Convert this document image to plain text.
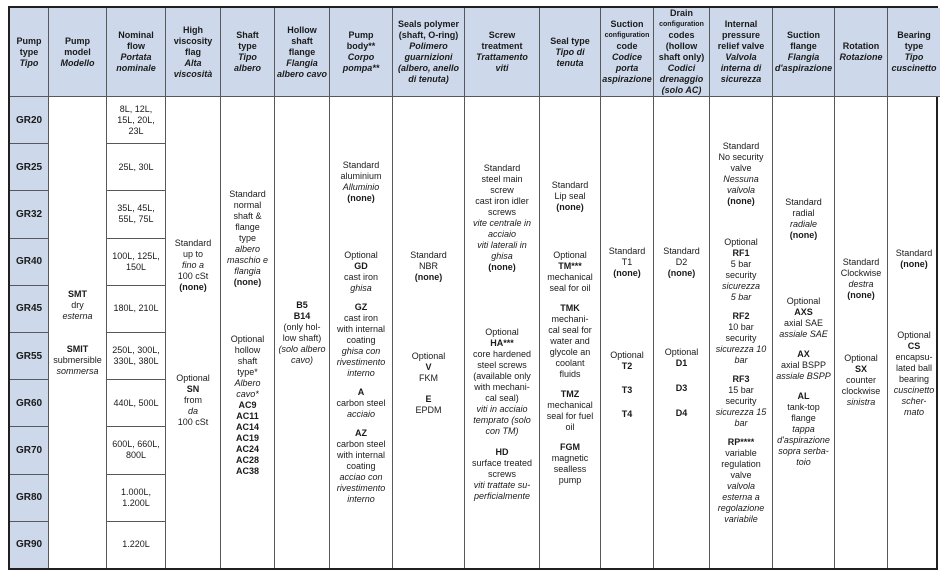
Pump
type
Tipo
Pump
model
Modello
Nominal
flow
Portata
nominale
High
viscosity
flag
Alta
viscosità
Shaft
type
Tipo
albero
Hollow
shaft
flange
Flangia
albero cavo
Pump
body**
Corpo
pompa**
Seals polymer
(shaft, O-ring)
Polimero
guarnizioni
(albero, anello
di tenuta)
Screw
treatment
Trattamento
viti
Seal type
Tipo di
tenuta
Suction
configuration
code
Codice
porta
aspirazione
Drain
configuration
codes
(hollow
shaft only)
Codici
drenaggio
(solo AC)
Internal
pressure
relief valve
Valvola
interna di
sicurezza
Suction
flange
Flangia
d'aspirazione
Rotation
Rotazione
Bearing
type
Tipo
cuscinetto
GR20
GR25
GR32
GR40
GR45
GR55
GR60
GR70
GR80
GR90
SMT
dry
esterna
SMIT
submersible
sommersa
8L, 12L,
15L, 20L,
23L
25L, 30L
35L, 45L,
55L, 75L
100L, 125L,
150L
180L, 210L
250L, 300L,
330L, 380L
440L, 500L
600L, 660L,
800L
1.000L,
1.200L
1.220L
Standard
up to
fino a
100 cSt
(none)
Optional
SN
from
da
100 cSt
Standard
normal
shaft &
flange
type
albero
maschio e
flangia
(none)
Optional
hollow
shaft
type*
Albero
cavo*
AC9
AC11
AC14
AC19
AC24
AC28
AC38
B5
B14
(only hol-
low shaft)
(solo albero
cavo)
Standard
aluminium
Alluminio
(none)
Optional
GD
cast iron
ghisa
GZ
cast iron
with internal
coating
ghisa con
rivestimento
interno
A
carbon steel
acciaio
AZ
carbon steel
with internal
coating
acciao con
rivestimento
interno
Standard
NBR
(none)
Optional
V
FKM
E
EPDM
Standard
steel main
screw
cast iron idler
screws
vite centrale in
acciaio
viti laterali in
ghisa
(none)
Optional
HA***
core hardened
steel screws
(available only
with mechani-
cal seal)
viti in acciaio
temprato (solo
con TM)
HD
surface treated
screws
viti trattate su-
perficialmente
Standard
Lip seal
(none)
Optional
TM***
mechanical
seal for oil
TMK
mechani-
cal seal for
water and
glycole an
coolant
fluids
TMZ
mechanical
seal for fuel
oil
FGM
magnetic
sealless
pump
Standard
T1
(none)
Optional
T2
T3
T4
Standard
D2
(none)
Optional
D1
D3
D4
Standard
No security
valve
Nessuna
valvola
(none)
Optional
RF1
5 bar
security
sicurezza
5 bar
RF2
10 bar
security
sicurezza 10
bar
RF3
15 bar
security
sicurezza 15
bar
RP****
variable
regulation
valve
valvola
esterna a
regolazione
variabile
Standard
radial
radiale
(none)
Optional
AXS
axial SAE
assiale SAE
AX
axial BSPP
assiale BSPP
AL
tank-top
flange
tappa
d'aspirazione
sopra serba-
toio
Standard
Clockwise
destra
(none)
Optional
SX
counter
clockwise
sinistra
Standard
(none)
Optional
CS
encapsu-
lated ball
bearing
cuscinetto
scher-
mato
